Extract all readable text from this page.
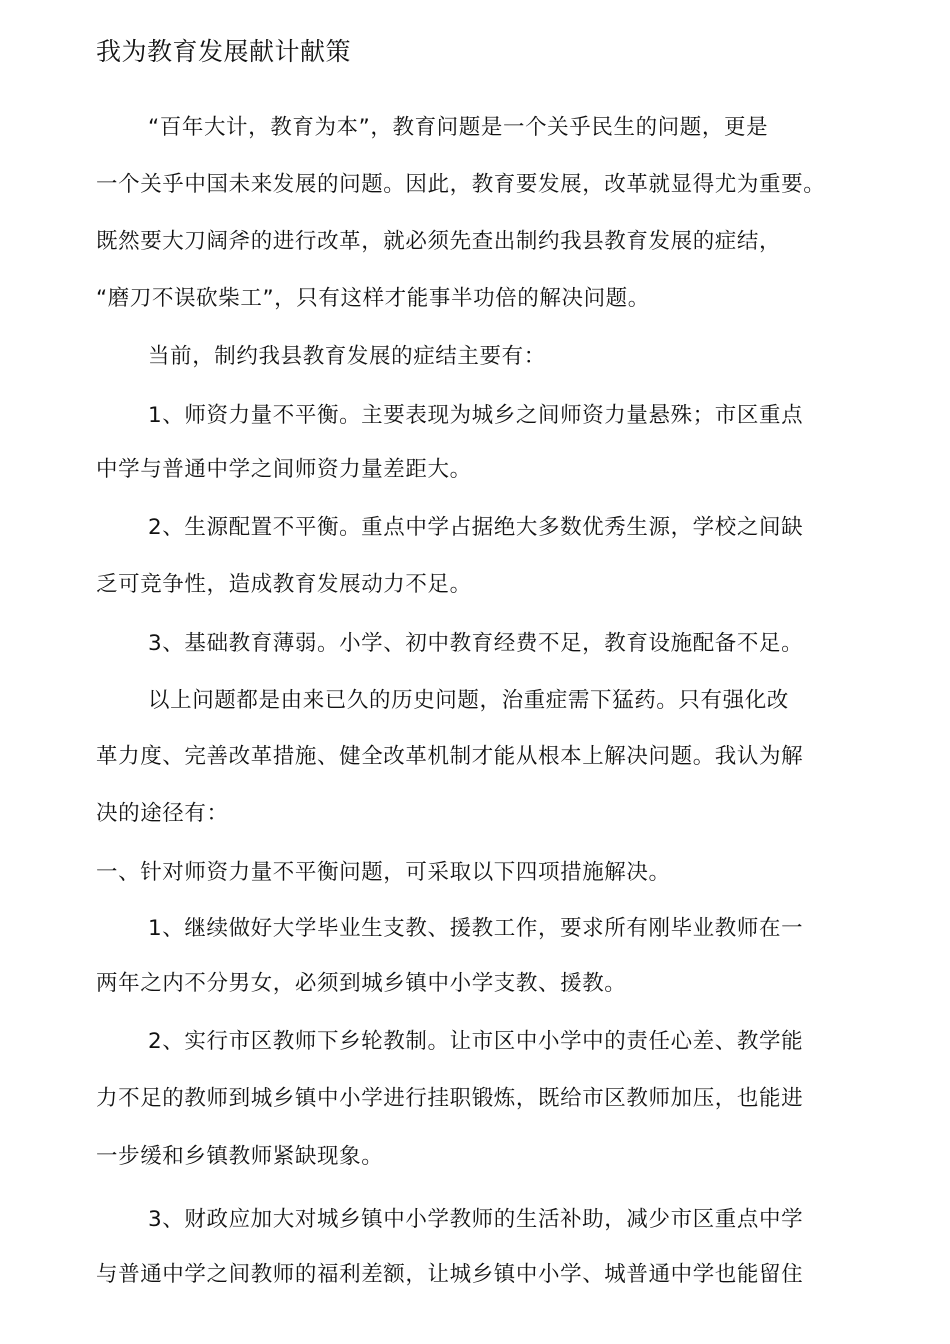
我为教育发展献计献策
“百年大计，教育为本”，教育问题是一个关乎民生的问题，更是
一个关乎中国未来发展的问题。因此，教育要发展，改革就显得尤为重要。
既然要大刀阔斧的进行改革，就必须先查出制约我县教育发展的症结，
“磨刀不误砍柴工”，只有这样才能事半功倍的解决问题。
当前，制约我县教育发展的症结主要有：
1、师资力量不平衡。主要表现为城乡之间师资力量悬殊；市区重点
中学与普通中学之间师资力量差距大。
2、生源配置不平衡。重点中学占据绝大多数优秀生源，学校之间缺
乏可竞争性，造成教育发展动力不足。
3、基础教育薄弱。小学、初中教育经费不足，教育设施配备不足。
以上问题都是由来已久的历史问题，治重症需下猛药。只有强化改
革力度、完善改革措施、健全改革机制才能从根本上解决问题。我认为解
决的途径有：
一、针对师资力量不平衡问题，可采取以下四项措施解决。
1、继续做好大学毕业生支教、援教工作，要求所有刚毕业教师在一
两年之内不分男女，必须到城乡镇中小学支教、援教。
2、实行市区教师下乡轮教制。让市区中小学中的责任心差、教学能
力不足的教师到城乡镇中小学进行挂职锻炼，既给市区教师加压，也能进
一步缓和乡镇教师紧缺现象。
3、财政应加大对城乡镇中小学教师的生活补助，减少市区重点中学
与普通中学之间教师的福利差额，让城乡镇中小学、城普通中学也能留住
